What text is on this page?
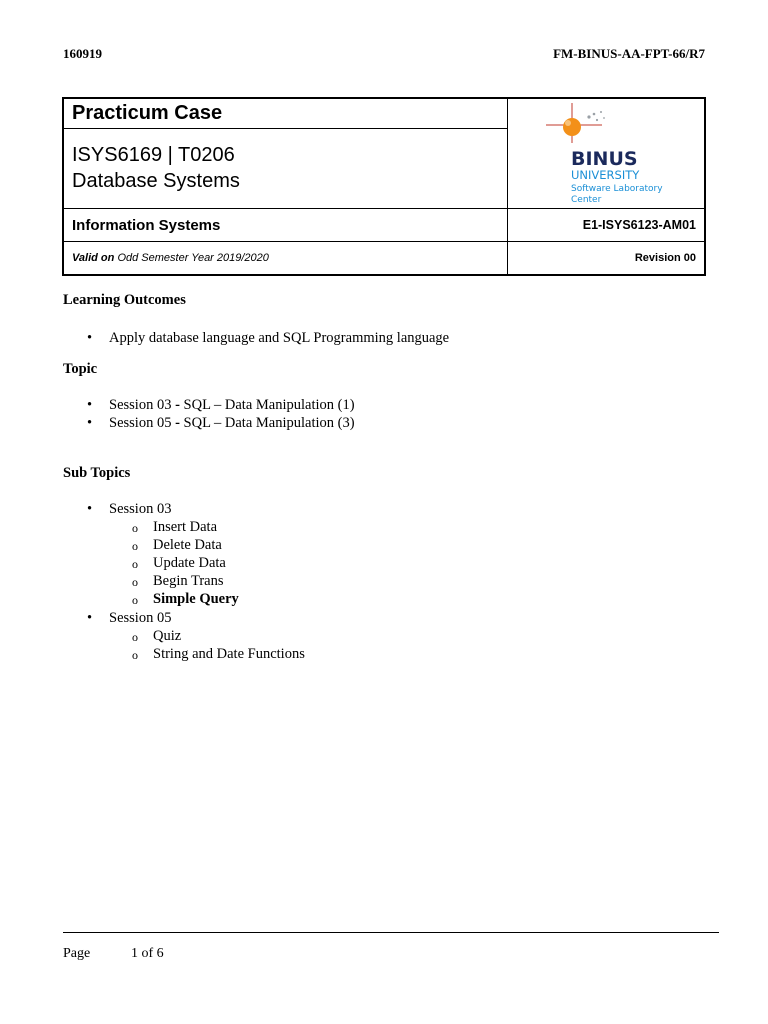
160919	FM-BINUS-AA-FPT-66/R7
Practicum Case	BINUS
UNIVERSITY
Software Laboratory
Center

ISYS6169 | T0206
Database Systems	

Information Systems	E1-ISYS6123-AM01
Valid on Odd Semester Year 2019/2020	Revision 00
Learning Outcomes
• Apply database language and SQL Programming language
Topic
• Session 03 - SQL – Data Manipulation (1)
• Session 05 - SQL – Data Manipulation (3)
Sub Topics
• Session 03
o Insert Data
o Delete Data
o Update Data
o Begin Trans
o Simple Query
• Session 05
o Quiz
o String and Date Functions
Page	1 of 6
